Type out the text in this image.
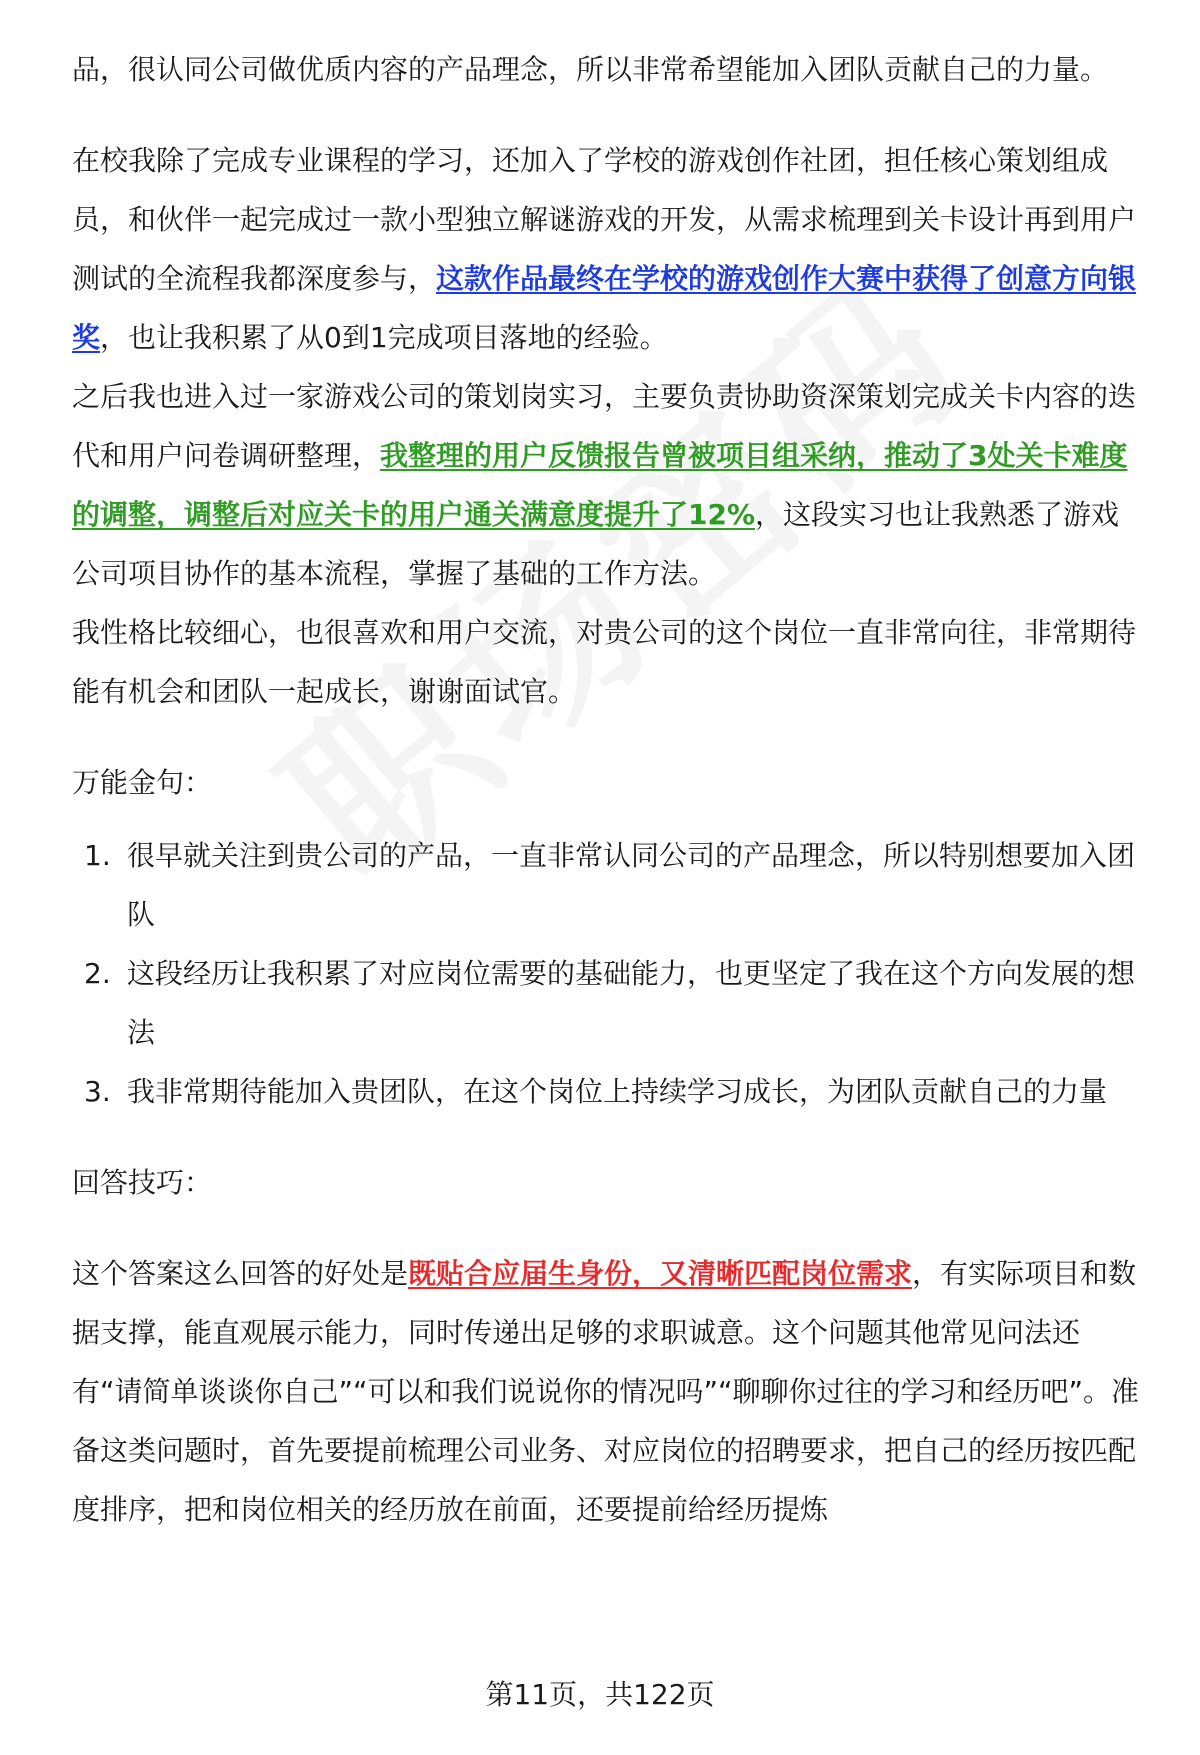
品，很认同公司做优质内容的产品理念，所以非常希望能加入团队贡献自己的力量。

在校我除了完成专业课程的学习，还加入了学校的游戏创作社团，担任核心策划组成员，和伙伴一起完成过一款小型独立解谜游戏的开发，从需求梳理到关卡设计再到用户测试的全流程我都深度参与，这款作品最终在学校的游戏创作大赛中获得了创意方向银奖，也让我积累了从0到1完成项目落地的经验。

之后我也进入过一家游戏公司的策划岗实习，主要负责协助资深策划完成关卡内容的迭代和用户问卷调研整理，我整理的用户反馈报告曾被项目组采纳，推动了3处关卡难度的调整，调整后对应关卡的用户通关满意度提升了12%，这段实习也让我熟悉了游戏公司项目协作的基本流程，掌握了基础的工作方法。

我性格比较细心，也很喜欢和用户交流，对贵公司的这个岗位一直非常向往，非常期待能有机会和团队一起成长，谢谢面试官。

万能金句：

1. 很早就关注到贵公司的产品，一直非常认同公司的产品理念，所以特别想要加入团队
2. 这段经历让我积累了对应岗位需要的基础能力，也更坚定了我在这个方向发展的想法
3. 我非常期待能加入贵团队，在这个岗位上持续学习成长，为团队贡献自己的力量

回答技巧：

这个答案这么回答的好处是既贴合应届生身份，又清晰匹配岗位需求，有实际项目和数据支撑，能直观展示能力，同时传递出足够的求职诚意。这个问题其他常见问法还有“请简单谈谈你自己”“可以和我们说说你的情况吗”“聊聊你过往的学习和经历吧”。准备这类问题时，首先要提前梳理公司业务、对应岗位的招聘要求，把自己的经历按匹配度排序，把和岗位相关的经历放在前面，还要提前给经历提炼

第11页，共122页
